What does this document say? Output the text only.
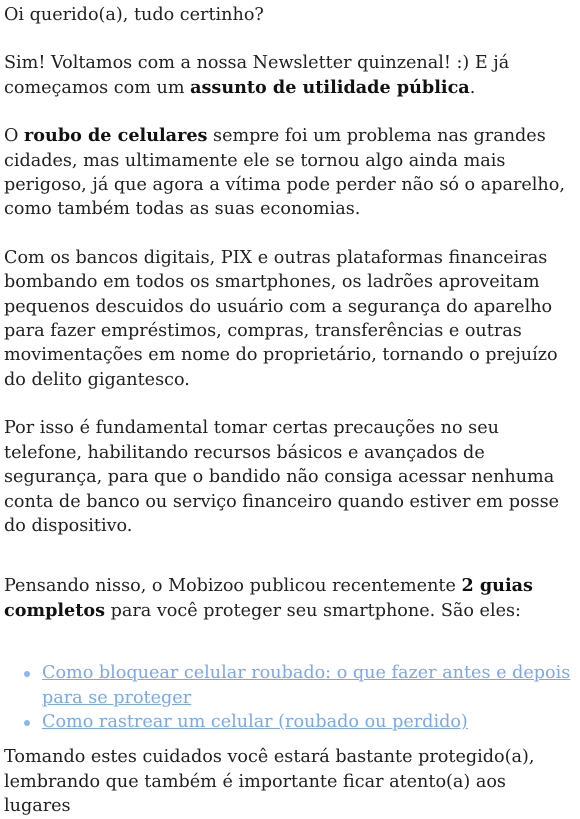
Oi querido(a), tudo certinho?

Sim! Voltamos com a nossa Newsletter quinzenal! :) E já começamos com um assunto de utilidade pública.

O roubo de celulares sempre foi um problema nas grandes cidades, mas ultimamente ele se tornou algo ainda mais perigoso, já que agora a vítima pode perder não só o aparelho, como também todas as suas economias.

Com os bancos digitais, PIX e outras plataformas financeiras bombando em todos os smartphones, os ladrões aproveitam pequenos descuidos do usuário com a segurança do aparelho para fazer empréstimos, compras, transferências e outras movimentações em nome do proprietário, tornando o prejuízo do delito gigantesco.

Por isso é fundamental tomar certas precauções no seu telefone, habilitando recursos básicos e avançados de segurança, para que o bandido não consiga acessar nenhuma conta de banco ou serviço financeiro quando estiver em posse do dispositivo.

Pensando nisso, o Mobizoo publicou recentemente 2 guias completos para você proteger seu smartphone. São eles:

Como bloquear celular roubado: o que fazer antes e depois para se proteger
Como rastrear um celular (roubado ou perdido)

Tomando estes cuidados você estará bastante protegido(a), lembrando que também é importante ficar atento(a) aos lugares
